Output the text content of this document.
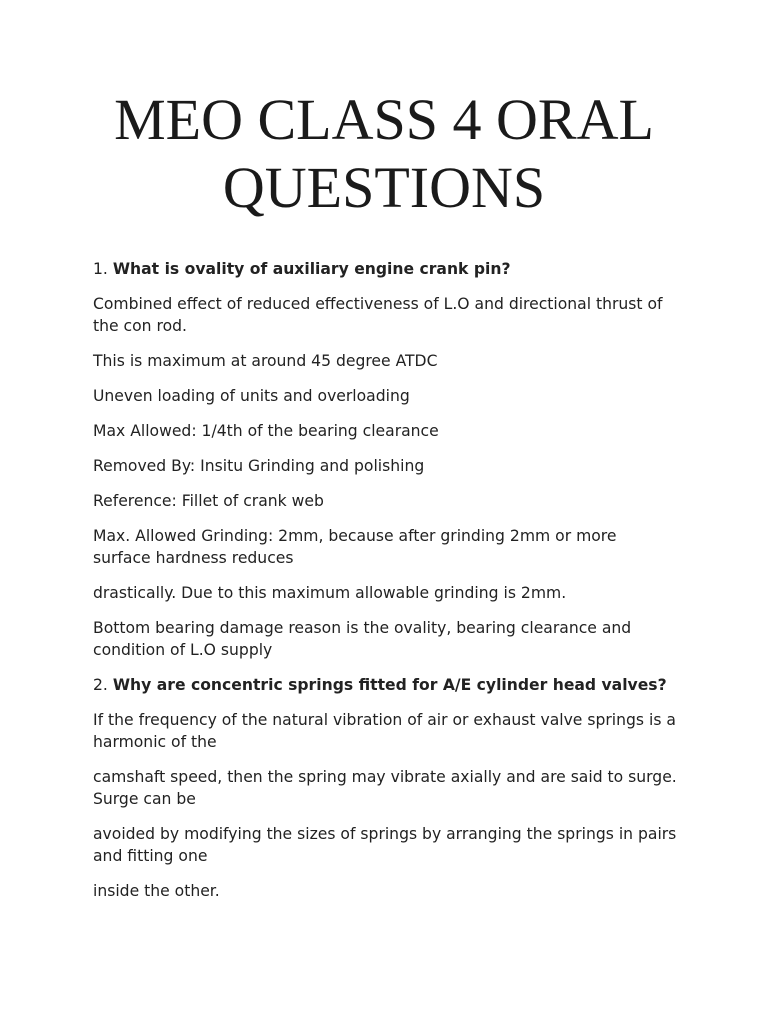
MEO CLASS 4 ORAL
QUESTIONS

1. What is ovality of auxiliary engine crank pin?

Combined effect of reduced effectiveness of L.O and directional thrust of the con rod.

This is maximum at around 45 degree ATDC

Uneven loading of units and overloading

Max Allowed: 1/4th of the bearing clearance

Removed By: Insitu Grinding and polishing

Reference: Fillet of crank web

Max. Allowed Grinding: 2mm, because after grinding 2mm or more surface hardness reduces

drastically. Due to this maximum allowable grinding is 2mm.

Bottom bearing damage reason is the ovality, bearing clearance and condition of L.O supply

2. Why are concentric springs fitted for A/E cylinder head valves?

If the frequency of the natural vibration of air or exhaust valve springs is a harmonic of the

camshaft speed, then the spring may vibrate axially and are said to surge. Surge can be

avoided by modifying the sizes of springs by arranging the springs in pairs and fitting one

inside the other.
